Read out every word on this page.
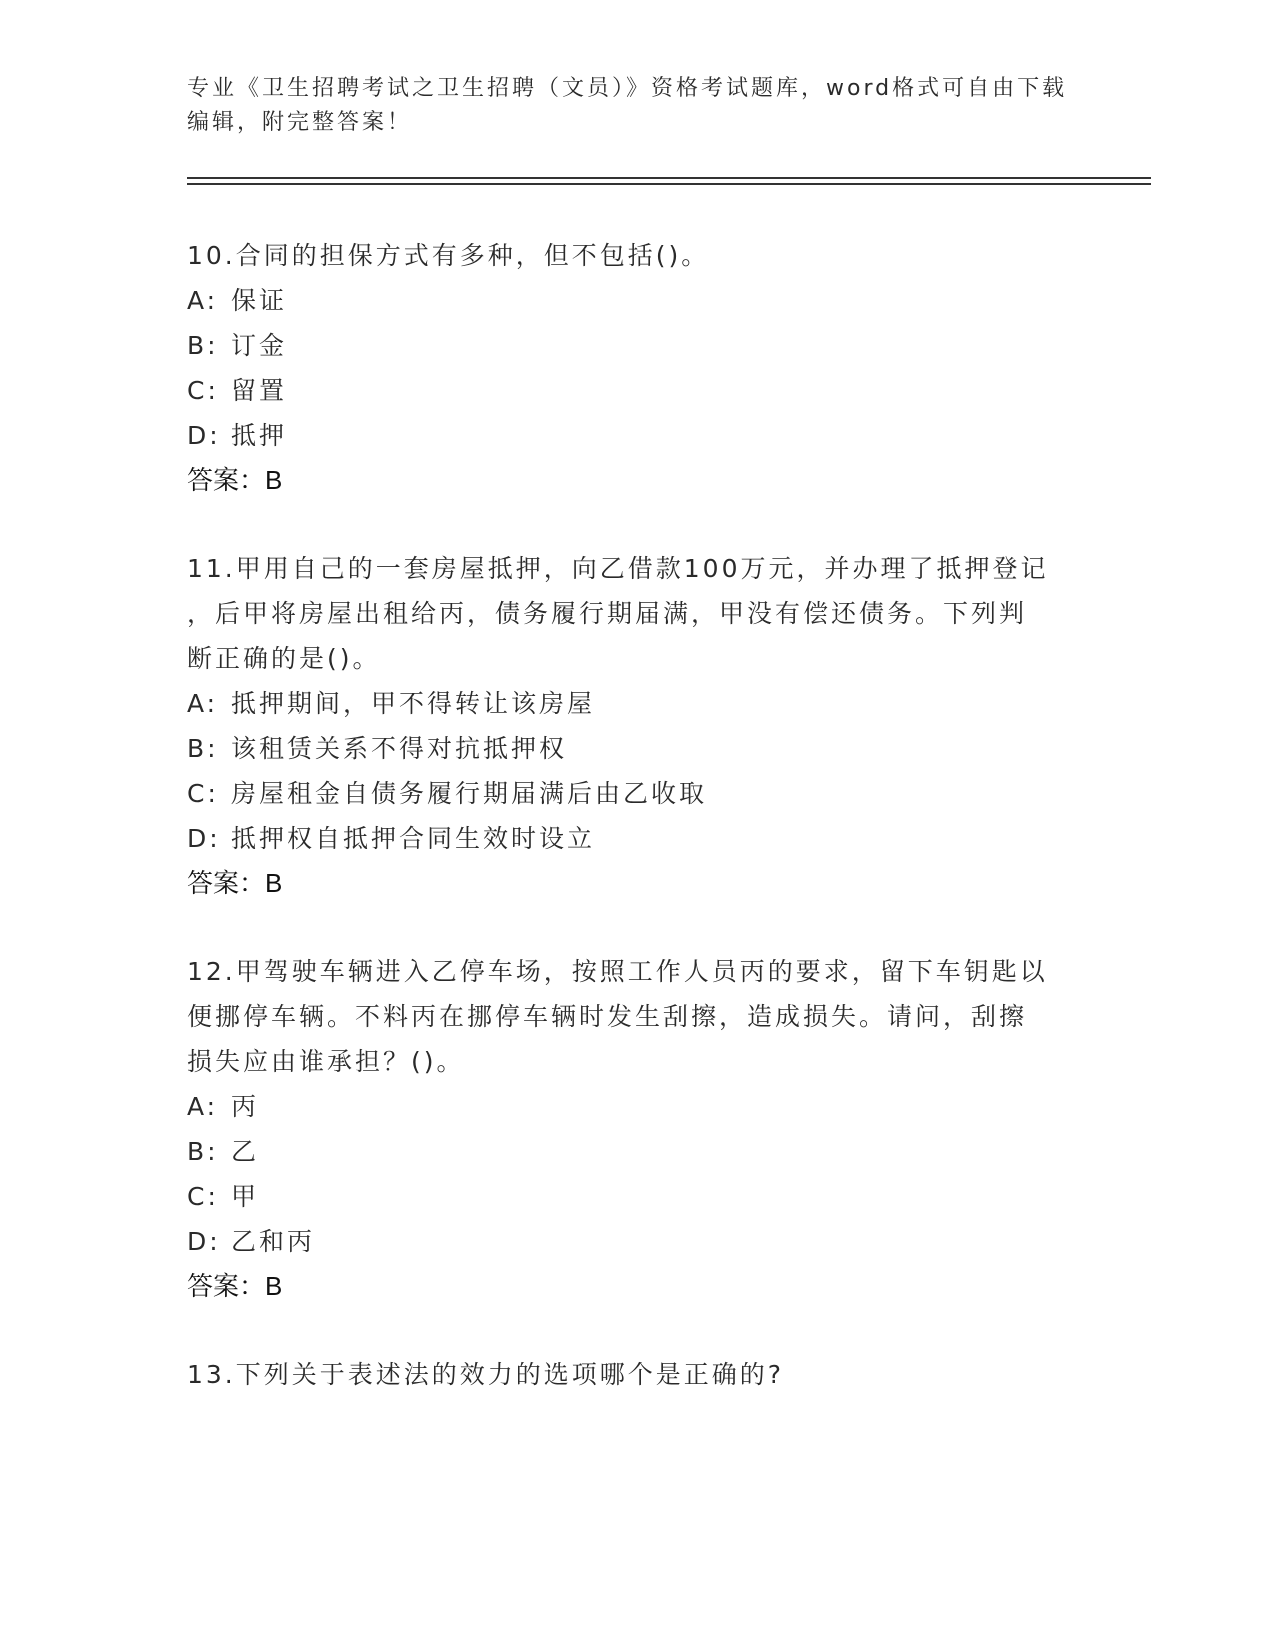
专业《卫生招聘考试之卫生招聘（文员）》资格考试题库，word格式可自由下载
编辑，附完整答案！
10.合同的担保方式有多种，但不包括()。
A: 保证
B: 订金
C: 留置
D: 抵押
答案：B
11.甲用自己的一套房屋抵押，向乙借款100万元，并办理了抵押登记
，后甲将房屋出租给丙，债务履行期届满，甲没有偿还债务。下列判
断正确的是()。
A: 抵押期间，甲不得转让该房屋
B: 该租赁关系不得对抗抵押权
C: 房屋租金自债务履行期届满后由乙收取
D: 抵押权自抵押合同生效时设立
答案：B
12.甲驾驶车辆进入乙停车场，按照工作人员丙的要求，留下车钥匙以
便挪停车辆。不料丙在挪停车辆时发生刮擦，造成损失。请问，刮擦
损失应由谁承担？()。
A: 丙
B: 乙
C: 甲
D: 乙和丙
答案：B
13.下列关于表述法的效力的选项哪个是正确的?
